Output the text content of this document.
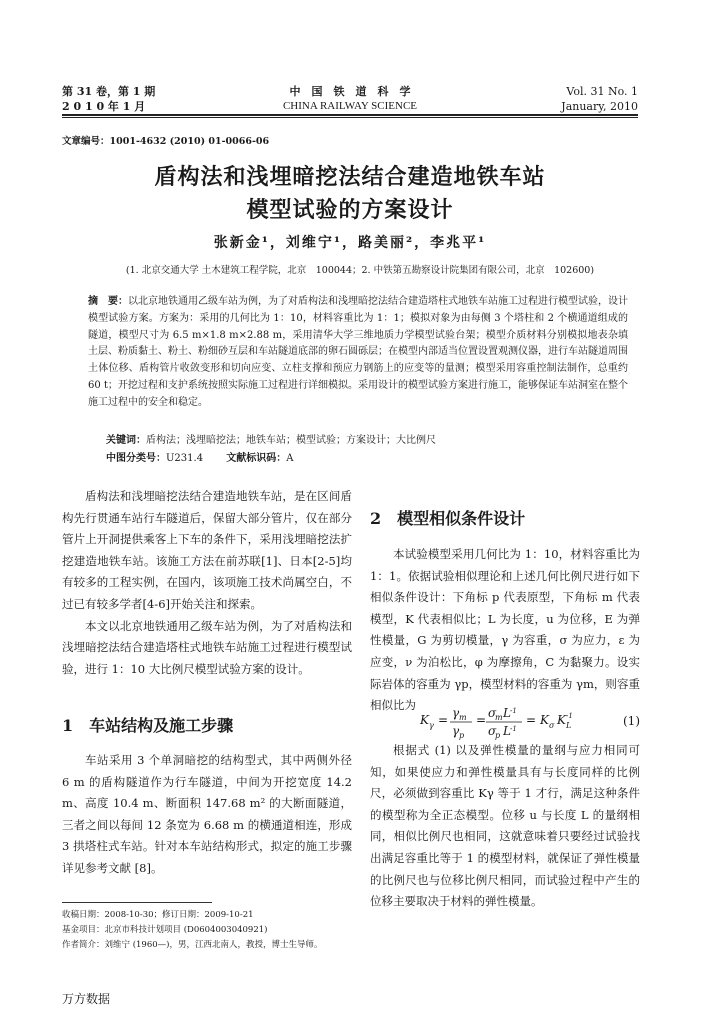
第 31 卷，第 1 期
2 0 1 0 年 1 月
中　国　铁　道　科　学
CHINA RAILWAY SCIENCE
Vol. 31 No. 1
January, 2010
文章编号：1001-4632 (2010) 01-0066-06
盾构法和浅埋暗挖法结合建造地铁车站
模型试验的方案设计
张新金¹，刘维宁¹，路美丽²，李兆平¹
(1. 北京交通大学 土木建筑工程学院，北京　100044；2. 中铁第五勘察设计院集团有限公司，北京　102600)
摘　要：以北京地铁通用乙级车站为例，为了对盾构法和浅埋暗挖法结合建造塔柱式地铁车站施工过程进行模型试验，设计模型试验方案。方案为：采用的几何比为 1：10，材料容重比为 1：1；模拟对象为由每侧 3 个塔柱和 2 个横通道组成的隧道，模型尺寸为 6.5 m×1.8 m×2.88 m，采用清华大学三维地质力学模型试验台架；模型介质材料分别模拟地表杂填土层、粉质黏土、粉土、粉细砂互层和车站隧道底部的卵石圆砾层；在模型内部适当位置设置观测仪器，进行车站隧道周围土体位移、盾构管片收敛变形和切向应变、立柱支撑和预应力钢筋上的应变等的量测；模型采用容重控制法制作，总重约 60 t；开挖过程和支护系统按照实际施工过程进行详细模拟。采用设计的模型试验方案进行施工，能够保证车站洞室在整个施工过程中的安全和稳定。
关键词：盾构法；浅埋暗挖法；地铁车站；模型试验；方案设计；大比例尺
中图分类号：U231.4 文献标识码：A

盾构法和浅埋暗挖法结合建造地铁车站，是在区间盾构先行贯通车站行车隧道后，保留大部分管片，仅在部分管片上开洞提供乘客上下车的条件下，采用浅埋暗挖法扩挖建造地铁车站。该施工方法在前苏联[1]、日本[2-5]均有较多的工程实例，在国内，该项施工技术尚属空白，不过已有较多学者[4-6]开始关注和探索。

本文以北京地铁通用乙级车站为例，为了对盾构法和浅埋暗挖法结合建造塔柱式地铁车站施工过程进行模型试验，进行 1：10 大比例尺模型试验方案的设计。

1　车站结构及施工步骤

车站采用 3 个单洞暗挖的结构型式，其中两侧外径 6 m 的盾构隧道作为行车隧道，中间为开挖宽度 14.2 m、高度 10.4 m、断面积 147.68 m² 的大断面隧道，三者之间以每间 12 条宽为 6.68 m 的横通道相连，形成 3 拱塔柱式车站。针对本车站结构形式，拟定的施工步骤详见参考文献 [8]。

2　模型相似条件设计

本试验模型采用几何比为 1：10，材料容重比为 1：1。依据试验相似理论和上述几何比例尺进行如下相似条件设计：下角标 p 代表原型，下角标 m 代表模型，K 代表相似比；L 为长度，u 为位移，E 为弹性模量，G 为剪切模量，γ 为容重，σ 为应力，ε 为应变，ν 为泊松比，φ 为摩擦角，C 为黏聚力。设实际岩体的容重为 γp，模型材料的容重为 γm，则容重相似比为

K γ = γ m
γ p
= σ
m L -1
σ
p L -1
= K σ K L
-1	(1)

根据式 (1) 以及弹性模量的量纲与应力相同可知，如果使应力和弹性模量具有与长度同样的比例尺，必须做到容重比 Kγ 等于 1 才行，满足这种条件的模型称为全正态模型。位移 u 与长度 L 的量纲相同，相似比例尺也相同，这就意味着只要经过试验找出满足容重比等于 1 的模型材料，就保证了弹性模量的比例尺也与位移比例尺相同，而试验过程中产生的位移主要取决于材料的弹性模量。

收稿日期：2008-10-30；修订日期：2009-10-21
基金项目：北京市科技计划项目 (D0604003040921)
作者简介：刘维宁 (1960—)，男，江西北南人，教授，博士生导师。
万方数据
